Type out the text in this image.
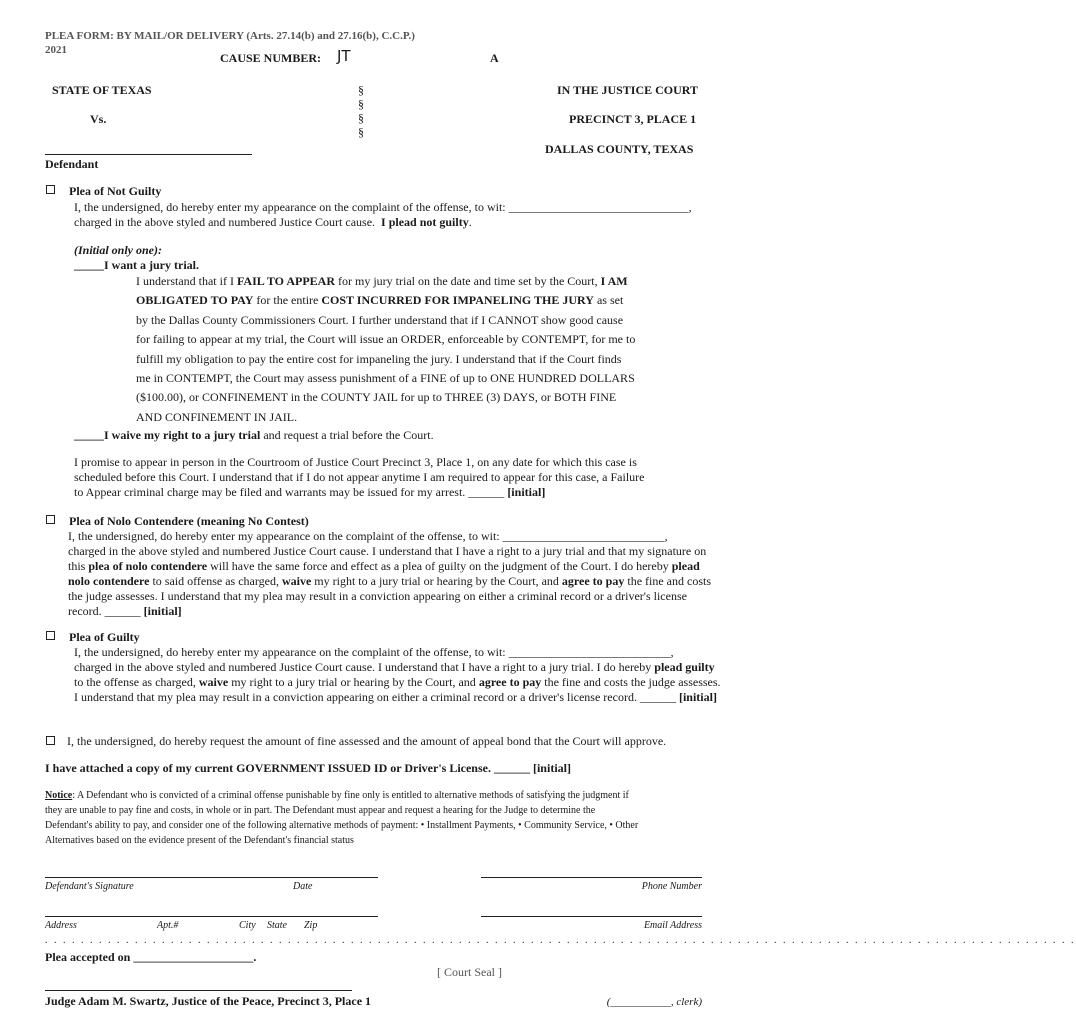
PLEA FORM: BY MAIL/OR DELIVERY (Arts. 27.14(b) and 27.16(b), C.C.P.)
2021
CAUSE NUMBER: JT	A
STATE OF TEXAS
Vs.
§
§
§
§
IN THE JUSTICE COURT
PRECINCT 3, PLACE 1
DALLAS COUNTY, TEXAS
Defendant
Plea of Not Guilty
I, the undersigned, do hereby enter my appearance on the complaint of the offense, to wit: ______________________________,
charged in the above styled and numbered Justice Court cause. I plead not guilty.
(Initial only one):
_____I want a jury trial.
I understand that if I FAIL TO APPEAR for my jury trial on the date and time set by the Court, I AM
OBLIGATED TO PAY for the entire COST INCURRED FOR IMPANELING THE JURY as set
by the Dallas County Commissioners Court. I further understand that if I CANNOT show good cause
for failing to appear at my trial, the Court will issue an ORDER, enforceable by CONTEMPT, for me to
fulfill my obligation to pay the entire cost for impaneling the jury. I understand that if the Court finds
me in CONTEMPT, the Court may assess punishment of a FINE of up to ONE HUNDRED DOLLARS
($100.00), or CONFINEMENT in the COUNTY JAIL for up to THREE (3) DAYS, or BOTH FINE
AND CONFINEMENT IN JAIL.
_____I waive my right to a jury trial and request a trial before the Court.
I promise to appear in person in the Courtroom of Justice Court Precinct 3, Place 1, on any date for which this case is
scheduled before this Court. I understand that if I do not appear anytime I am required to appear for this case, a Failure
to Appear criminal charge may be filed and warrants may be issued for my arrest. ______ [initial]
Plea of Nolo Contendere (meaning No Contest)
I, the undersigned, do hereby enter my appearance on the complaint of the offense, to wit: ___________________________,
charged in the above styled and numbered Justice Court cause. I understand that I have a right to a jury trial and that my signature on
this plea of nolo contendere will have the same force and effect as a plea of guilty on the judgment of the Court. I do hereby plead
nolo contendere to said offense as charged, waive my right to a jury trial or hearing by the Court, and agree to pay the fine and costs
the judge assesses. I understand that my plea may result in a conviction appearing on either a criminal record or a driver's license
record. ______ [initial]
Plea of Guilty
I, the undersigned, do hereby enter my appearance on the complaint of the offense, to wit: ___________________________,
charged in the above styled and numbered Justice Court cause. I understand that I have a right to a jury trial. I do hereby plead guilty
to the offense as charged, waive my right to a jury trial or hearing by the Court, and agree to pay the fine and costs the judge assesses.
I understand that my plea may result in a conviction appearing on either a criminal record or a driver's license record. ______ [initial]
I, the undersigned, do hereby request the amount of fine assessed and the amount of appeal bond that the Court will approve.
I have attached a copy of my current GOVERNMENT ISSUED ID or Driver's License. ______ [initial]
Notice: A Defendant who is convicted of a criminal offense punishable by fine only is entitled to alternative methods of satisfying the judgment if
they are unable to pay fine and costs, in whole or in part. The Defendant must appear and request a hearing for the Judge to determine the
Defendant's ability to pay, and consider one of the following alternative methods of payment: • Installment Payments, • Community Service, • Other
Alternatives based on the evidence present of the Defendant's financial status
Defendant's Signature	Date	Phone Number
Address	Apt.#	City State Zip	Email Address
. . . . . . . . . . . . . . . . . . . . . . . . . . . . . . . . . . . . . . . . . . . . . . . . . . . . . . . . . . . . . . . . . . . . . . . . . . . . . . . . . . . . . . . . . . . . . . . . . . . . . . . . . . . . . . . . . . .
Plea accepted on ____________________.
[ Court Seal ]
Judge Adam M. Swartz, Justice of the Peace, Precinct 3, Place 1	(___________, clerk)
